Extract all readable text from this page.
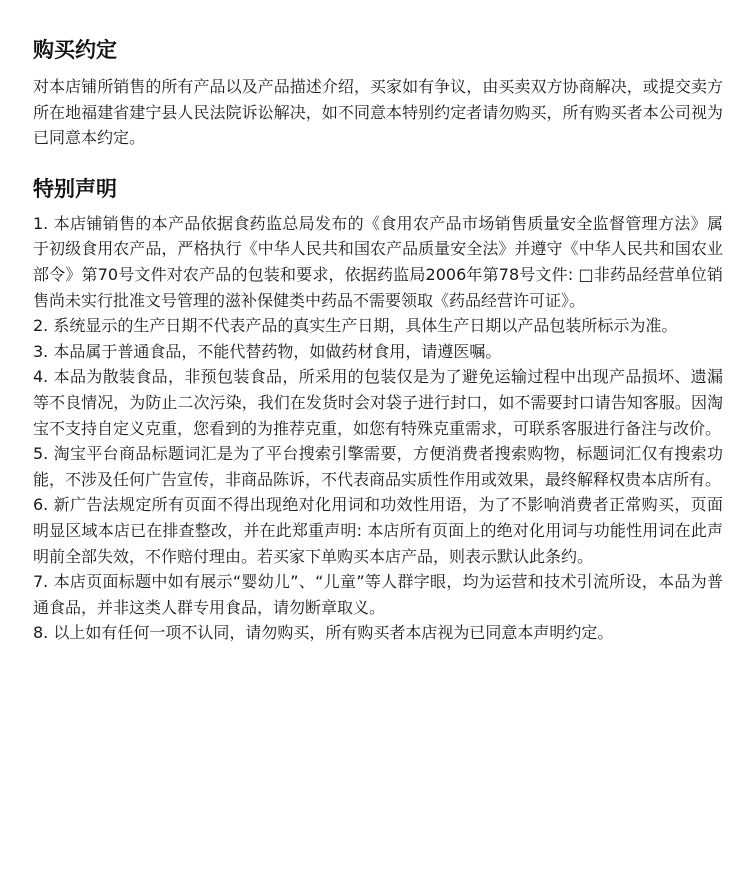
购买约定

对本店铺所销售的所有产品以及产品描述介绍，买家如有争议，由买卖双方协商解决，或提交卖方所在地福建省建宁县人民法院诉讼解决，如不同意本特别约定者请勿购买，所有购买者本公司视为已同意本约定。

特别声明

1. 本店铺销售的本产品依据食药监总局发布的《食用农产品市场销售质量安全监督管理方法》属于初级食用农产品，严格执行《中华人民共和国农产品质量安全法》并遵守《中华人民共和国农业部令》第70号文件对农产品的包装和要求，依据药监局2006年第78号文件: □非药品经营单位销售尚未实行批准文号管理的滋补保健类中药品不需要领取《药品经营许可证》。

2. 系统显示的生产日期不代表产品的真实生产日期，具体生产日期以产品包装所标示为准。

3. 本品属于普通食品，不能代替药物，如做药材食用，请遵医嘱。

4. 本品为散装食品，非预包装食品，所采用的包装仅是为了避免运输过程中出现产品损坏、遗漏等不良情况，为防止二次污染，我们在发货时会对袋子进行封口，如不需要封口请告知客服。因淘宝不支持自定义克重，您看到的为推荐克重，如您有特殊克重需求，可联系客服进行备注与改价。

5. 淘宝平台商品标题词汇是为了平台搜索引擎需要，方便消费者搜索购物，标题词汇仅有搜索功能，不涉及任何广告宣传，非商品陈诉，不代表商品实质性作用或效果，最终解释权贵本店所有。

6. 新广告法规定所有页面不得出现绝对化用词和功效性用语，为了不影响消费者正常购买，页面明显区域本店已在排查整改，并在此郑重声明: 本店所有页面上的绝对化用词与功能性用词在此声明前全部失效，不作赔付理由。若买家下单购买本店产品，则表示默认此条约。

7. 本店页面标题中如有展示“婴幼儿”、“儿童”等人群字眼，均为运营和技术引流所设，本品为普通食品，并非这类人群专用食品，请勿断章取义。

8. 以上如有任何一项不认同，请勿购买，所有购买者本店视为已同意本声明约定。
